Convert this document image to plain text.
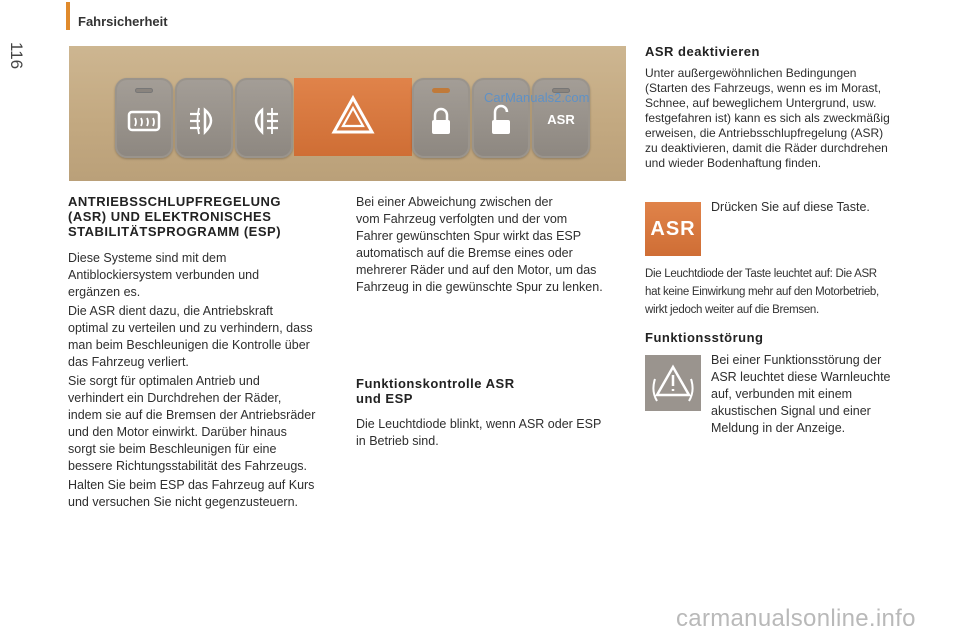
Fahrsicherheit
116
ASR
CarManuals2.com
ANTRIEBSSCHLUPFREGELUNG
(ASR) UND ELEKTRONISCHES
STABILITÄTSPROGRAMM (ESP)

Diese Systeme sind mit dem

Antiblockiersystem verbunden und

ergänzen es.

Die ASR dient dazu, die Antriebskraft

optimal zu verteilen und zu verhindern, dass

man beim Beschleunigen die Kontrolle über

das Fahrzeug verliert.

Sie sorgt für optimalen Antrieb und

verhindert ein Durchdrehen der Räder,

indem sie auf die Bremsen der Antriebsräder

und den Motor einwirkt. Darüber hinaus

sorgt sie beim Beschleunigen für eine

bessere Richtungsstabilität des Fahrzeugs.

Halten Sie beim ESP das Fahrzeug auf Kurs

und versuchen Sie nicht gegenzusteuern.

Bei einer Abweichung zwischen der

vom Fahrzeug verfolgten und der vom

Fahrer gewünschten Spur wirkt das ESP

automatisch auf die Bremse eines oder

mehrerer Räder und auf den Motor, um das

Fahrzeug in die gewünschte Spur zu lenken.

Funktionskontrolle ASR
und ESP

Die Leuchtdiode blinkt, wenn ASR oder ESP

in Betrieb sind.

ASR deaktivieren

Unter außergewöhnlichen Bedingungen

(Starten des Fahrzeugs, wenn es im Morast,

Schnee, auf beweglichem Untergrund, usw.

festgefahren ist) kann es sich als zweckmäßig

erweisen, die Antriebsschlupfregelung (ASR)

zu deaktivieren, damit die Räder durchdrehen

und wieder Bodenhaftung finden.

ASR

Drücken Sie auf diese Taste.

Die Leuchtdiode der Taste leuchtet auf: Die ASR

hat keine Einwirkung mehr auf den Motorbetrieb,

wirkt jedoch weiter auf die Bremsen.

Funktionsstörung

Bei einer Funktionsstörung der

ASR leuchtet diese Warnleuchte

auf, verbunden mit einem

akustischen Signal und einer

Meldung in der Anzeige.

carmanualsonline.info
